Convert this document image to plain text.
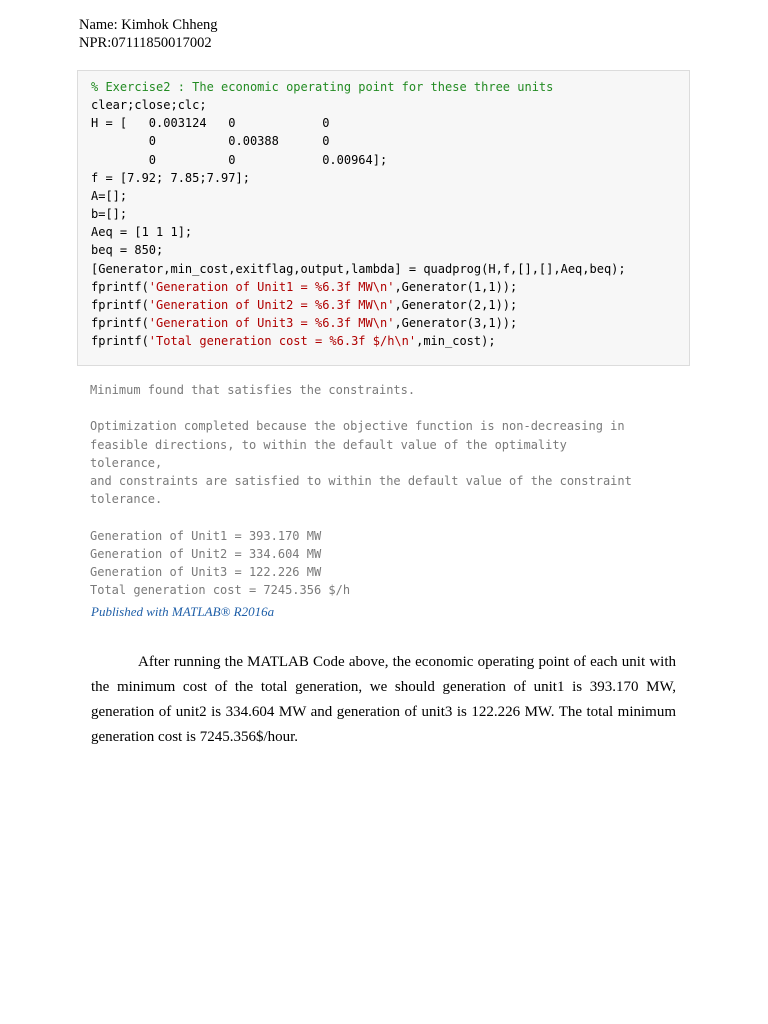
Name: Kimhok Chheng
NPR:07111850017002
% Exercise2 : The economic operating point for these three units
clear;close;clc;
H = [   0.003124   0            0
0          0.00388      0
0          0            0.00964];
f = [7.92; 7.85;7.97];
A=[];
b=[];
Aeq = [1 1 1];
beq = 850;
[Generator,min_cost,exitflag,output,lambda] = quadprog(H,f,[],[],Aeq,beq);
fprintf('Generation of Unit1 = %6.3f MW\n',Generator(1,1));
fprintf('Generation of Unit2 = %6.3f MW\n',Generator(2,1));
fprintf('Generation of Unit3 = %6.3f MW\n',Generator(3,1));
fprintf('Total generation cost = %6.3f $/h\n',min_cost);
Minimum found that satisfies the constraints.

Optimization completed because the objective function is non-decreasing in
feasible directions, to within the default value of the optimality
tolerance,
and constraints are satisfied to within the default value of the constraint
tolerance.

Generation of Unit1 = 393.170 MW
Generation of Unit2 = 334.604 MW
Generation of Unit3 = 122.226 MW
Total generation cost = 7245.356 $/h
Published with MATLAB® R2016a

After running the MATLAB Code above, the economic operating point of each unit with the minimum cost of the total generation, we should generation of unit1 is 393.170 MW, generation of unit2 is 334.604 MW and generation of unit3 is 122.226 MW. The total minimum generation cost is 7245.356$/hour.
